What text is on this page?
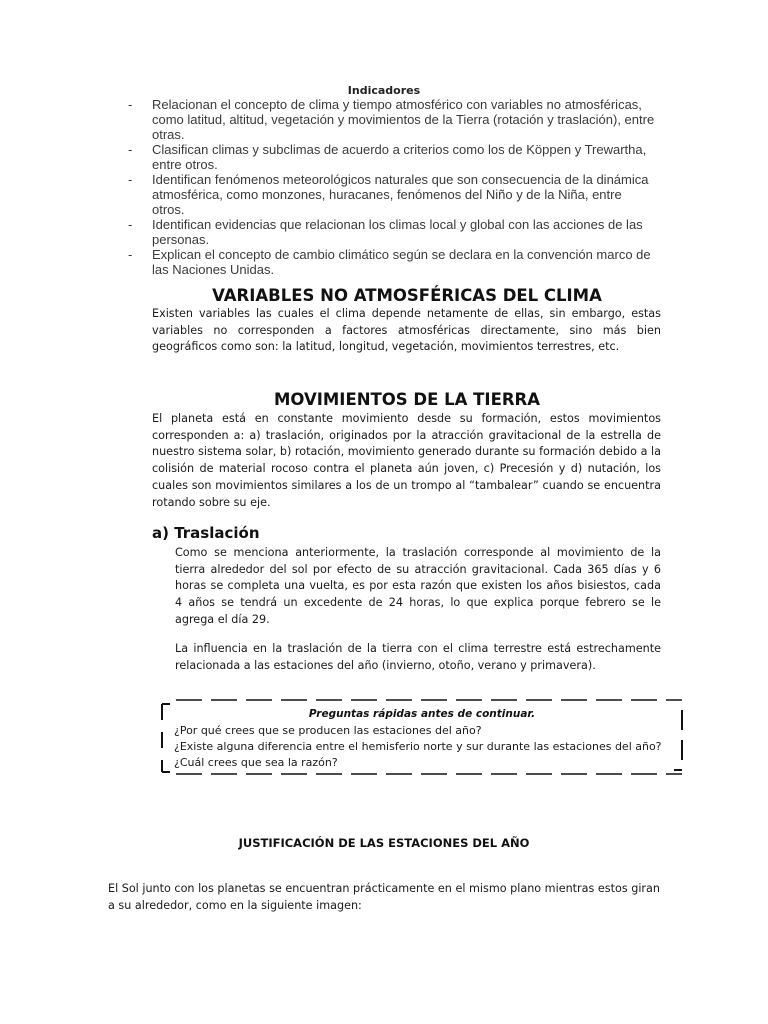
Indicadores
- Relacionan el concepto de clima y tiempo atmosférico con variables no atmosféricas, como latitud, altitud, vegetación y movimientos de la Tierra (rotación y traslación), entre otras.
- Clasifican climas y subclimas de acuerdo a criterios como los de Köppen y Trewartha, entre otros.
- Identifican fenómenos meteorológicos naturales que son consecuencia de la dinámica atmosférica, como monzones, huracanes, fenómenos del Niño y de la Niña, entre otros.
- Identifican evidencias que relacionan los climas local y global con las acciones de las personas.
- Explican el concepto de cambio climático según se declara en la convención marco de las Naciones Unidas.
VARIABLES NO ATMOSFÉRICAS DEL CLIMA
Existen variables las cuales el clima depende netamente de ellas, sin embargo, estas variables no corresponden a factores atmosféricas directamente, sino más bien geográficos como son: la latitud, longitud, vegetación, movimientos terrestres, etc.
MOVIMIENTOS DE LA TIERRA
El planeta está en constante movimiento desde su formación, estos movimientos corresponden a: a) traslación, originados por la atracción gravitacional de la estrella de nuestro sistema solar, b) rotación, movimiento generado durante su formación debido a la colisión de material rocoso contra el planeta aún joven, c) Precesión y d) nutación, los cuales son movimientos similares a los de un trompo al “tambalear” cuando se encuentra rotando sobre su eje.
a) Traslación
Como se menciona anteriormente, la traslación corresponde al movimiento de la tierra alrededor del sol por efecto de su atracción gravitacional. Cada 365 días y 6 horas se completa una vuelta, es por esta razón que existen los años bisiestos, cada 4 años se tendrá un excedente de 24 horas, lo que explica porque febrero se le agrega el día 29.
La influencia en la traslación de la tierra con el clima terrestre está estrechamente relacionada a las estaciones del año (invierno, otoño, verano y primavera).
Preguntas rápidas antes de continuar.
¿Por qué crees que se producen las estaciones del año?
¿Existe alguna diferencia entre el hemisferio norte y sur durante las estaciones del año? ¿Cuál crees que sea la razón?
JUSTIFICACIÓN DE LAS ESTACIONES DEL AÑO
El Sol junto con los planetas se encuentran prácticamente en el mismo plano mientras estos giran a su alrededor, como en la siguiente imagen:
